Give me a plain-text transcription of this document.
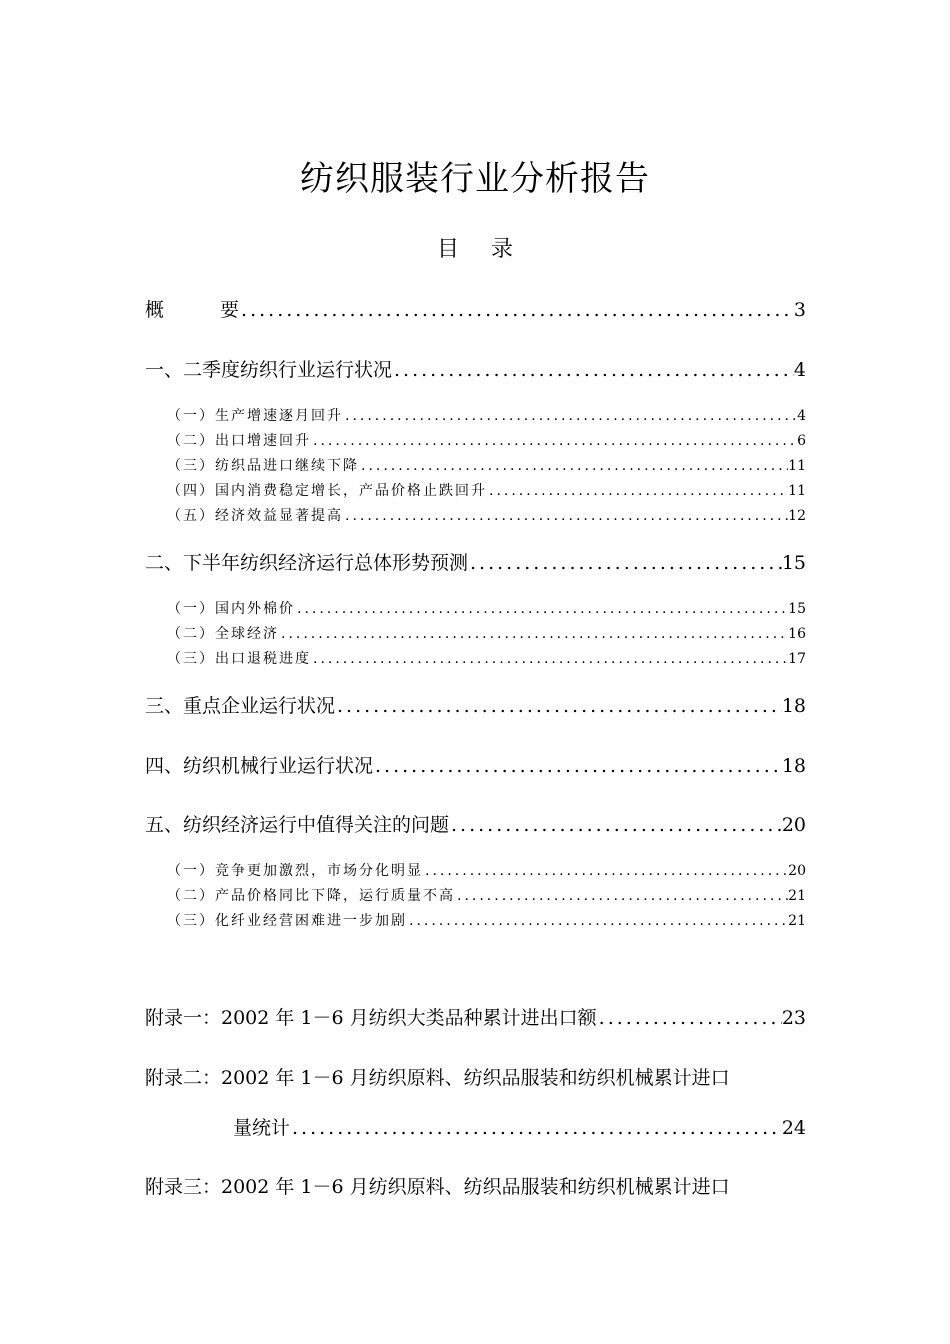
纺织服装行业分析报告
目 录
概	要 .....	3
一、二季度纺织行业运行状况 .....	4
（一）生产增速逐月回升 .....	4
（二）出口增速回升 .....	6
（三）纺织品进口继续下降 .....	11
（四）国内消费稳定增长，产品价格止跌回升 .....	11
（五）经济效益显著提高 .....	12
二、下半年纺织经济运行总体形势预测 .....	15
（一）国内外棉价 .....	15
（二）全球经济 .....	16
（三）出口退税进度 .....	17
三、重点企业运行状况 .....	18
四、纺织机械行业运行状况 .....	18
五、纺织经济运行中值得关注的问题 .....	20
（一）竞争更加激烈，市场分化明显 .....	20
（二）产品价格同比下降，运行质量不高 .....	21
（三）化纤业经营困难进一步加剧 .....	21
附录一：2002 年 1－6 月纺织大类品种累计进出口额 .....	23
附录二：2002 年 1－6 月纺织原料、纺织品服装和纺织机械累计进口
量统计 .....	24
附录三：2002 年 1－6 月纺织原料、纺织品服装和纺织机械累计进口
